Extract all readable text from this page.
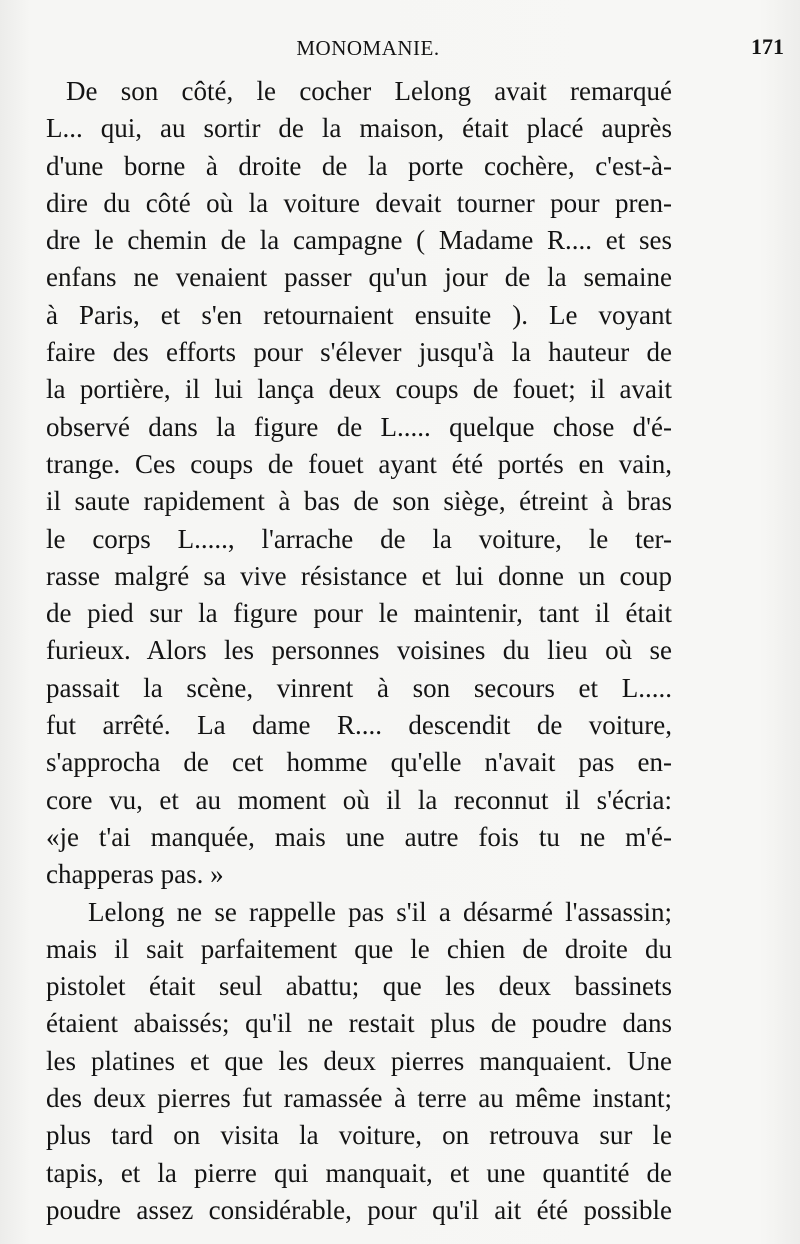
MONOMANIE.	171
De son côté, le cocher Lelong avait remarqué
L... qui, au sortir de la maison, était placé auprès
d'une borne à droite de la porte cochère, c'est-à-
dire du côté où la voiture devait tourner pour pren-
dre le chemin de la campagne ( Madame R.... et ses
enfans ne venaient passer qu'un jour de la semaine
à Paris, et s'en retournaient ensuite ). Le voyant
faire des efforts pour s'élever jusqu'à la hauteur de
la portière, il lui lança deux coups de fouet; il avait
observé dans la figure de L..... quelque chose d'é-
trange. Ces coups de fouet ayant été portés en vain,
il saute rapidement à bas de son siège, étreint à bras
le corps L....., l'arrache de la voiture, le ter-
rasse malgré sa vive résistance et lui donne un coup
de pied sur la figure pour le maintenir, tant il était
furieux. Alors les personnes voisines du lieu où se
passait la scène, vinrent à son secours et L.....
fut arrêté. La dame R.... descendit de voiture,
s'approcha de cet homme qu'elle n'avait pas en-
core vu, et au moment où il la reconnut il s'écria:
«je t'ai manquée, mais une autre fois tu ne m'é-
chapperas pas. »
Lelong ne se rappelle pas s'il a désarmé l'assassin;
mais il sait parfaitement que le chien de droite du
pistolet était seul abattu; que les deux bassinets
étaient abaissés; qu'il ne restait plus de poudre dans
les platines et que les deux pierres manquaient. Une
des deux pierres fut ramassée à terre au même instant;
plus tard on visita la voiture, on retrouva sur le
tapis, et la pierre qui manquait, et une quantité de
poudre assez considérable, pour qu'il ait été possible
